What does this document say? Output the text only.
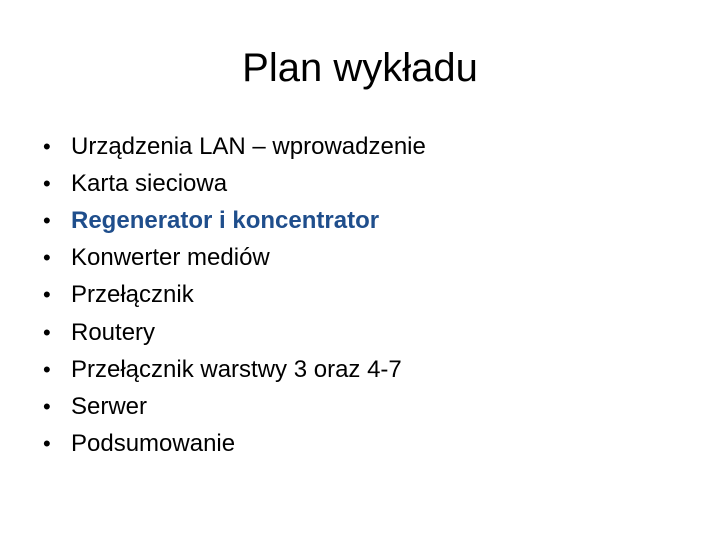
Plan wykładu
• Urządzenia LAN – wprowadzenie
• Karta sieciowa
• Regenerator i koncentrator
• Konwerter mediów
• Przełącznik
• Routery
• Przełącznik warstwy 3 oraz 4-7
• Serwer
• Podsumowanie
